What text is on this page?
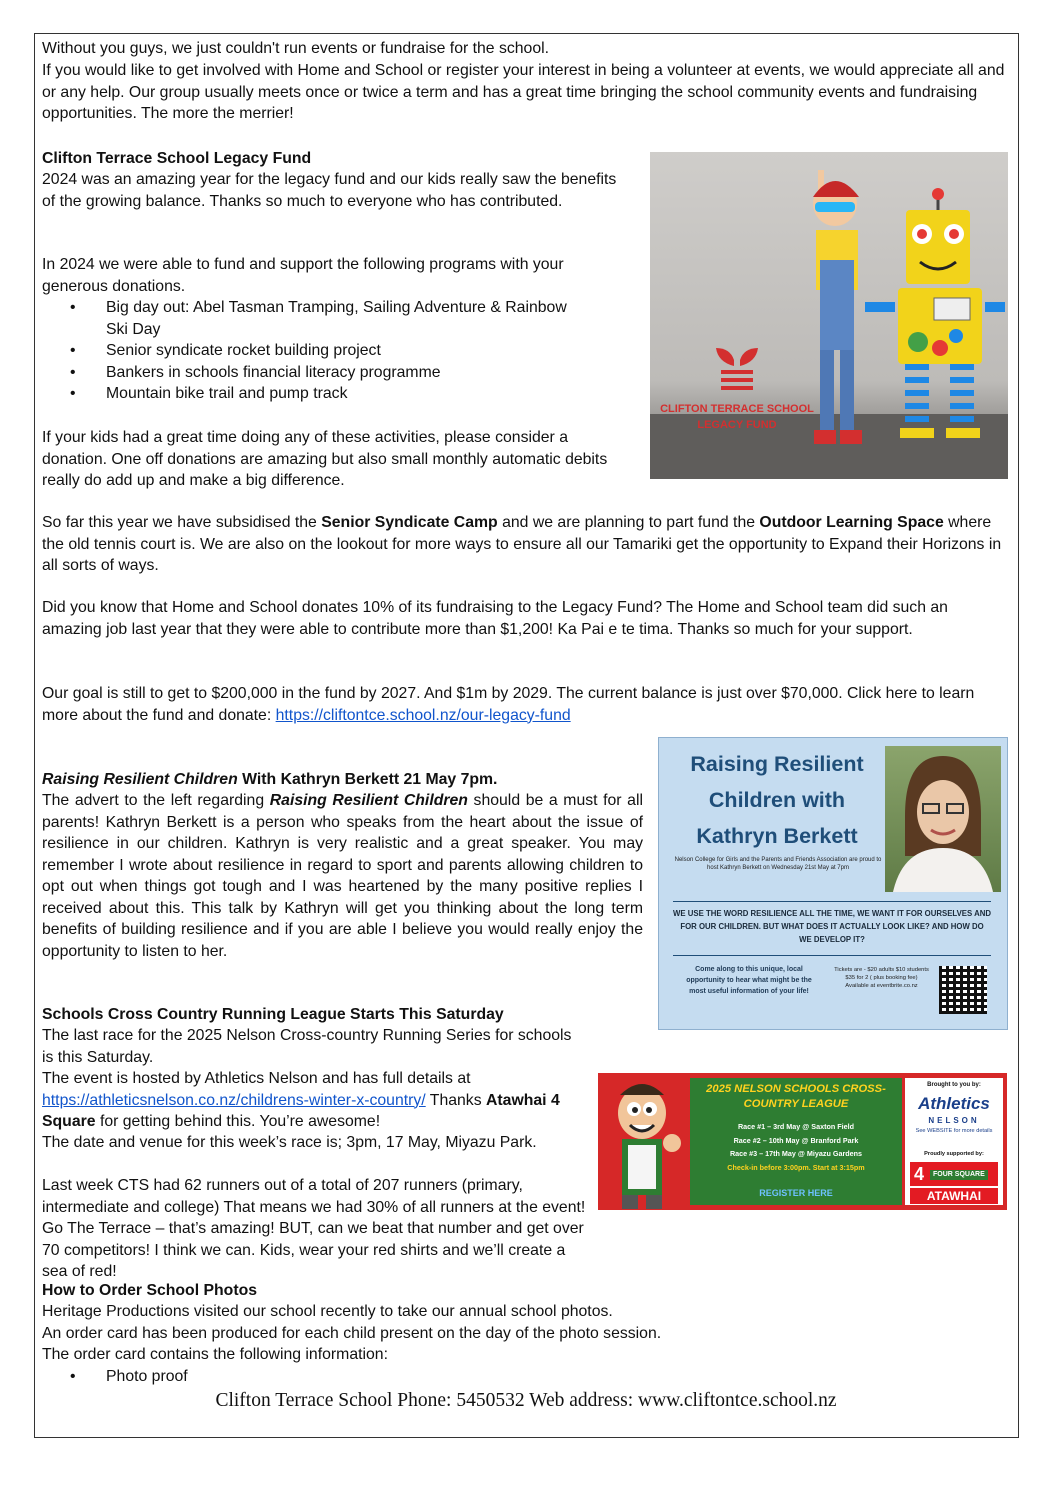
Without you guys, we just couldn't run events or fundraise for the school.

If you would like to get involved with Home and School or register your interest in being a volunteer at events, we would appreciate all and or any help. Our group usually meets once or twice a term and has a great time bringing the school community events and fundraising opportunities. The more the merrier!

Clifton Terrace School Legacy Fund

2024 was an amazing year for the legacy fund and our kids really saw the benefits of the growing balance. Thanks so much to everyone who has contributed.

In 2024 we were able to fund and support the following programs with your generous donations.

• Big day out: Abel Tasman Tramping, Sailing Adventure & Rainbow Ski Day
• Senior syndicate rocket building project
• Bankers in schools financial literacy programme
• Mountain bike trail and pump track

If your kids had a great time doing any of these activities, please consider a donation. One off donations are amazing but also small monthly automatic debits really do add up and make a big difference.

CLIFTON TERRACE SCHOOL
LEGACY FUND

So far this year we have subsidised the Senior Syndicate Camp and we are planning to part fund the Outdoor Learning Space where the old tennis court is. We are also on the lookout for more ways to ensure all our Tamariki get the opportunity to Expand their Horizons in all sorts of ways.

Did you know that Home and School donates 10% of its fundraising to the Legacy Fund? The Home and School team did such an amazing job last year that they were able to contribute more than $1,200! Ka Pai e te tima. Thanks so much for your support.

Our goal is still to get to $200,000 in the fund by 2027. And $1m by 2029. The current balance is just over $70,000. Click here to learn more about the fund and donate: https://cliftontce.school.nz/our-legacy-fund

Raising Resilient Children With Kathryn Berkett 21 May 7pm.

The advert to the left regarding Raising Resilient Children should be a must for all parents! Kathryn Berkett is a person who speaks from the heart about the issue of resilience in our children. Kathryn is very realistic and a great speaker. You may remember I wrote about resilience in regard to sport and parents allowing children to opt out when things got tough and I was heartened by the many positive replies I received about this. This talk by Kathryn will get you thinking about the long term benefits of building resilience and if you are able I believe you would really enjoy the opportunity to listen to her.

Raising Resilient Children with Kathryn Berkett
Nelson College for Girls and the Parents and Friends Association are proud to host Kathryn Berkett on Wednesday 21st May at 7pm
WE USE THE WORD RESILIENCE ALL THE TIME, WE WANT IT FOR OURSELVES AND FOR OUR CHILDREN. BUT WHAT DOES IT ACTUALLY LOOK LIKE? AND HOW DO WE DEVELOP IT?
Come along to this unique, local opportunity to hear what might be the most useful information of your life!
Tickets are - $20 adults $10 students $35 for 2 ( plus booking fee) Available at eventbrite.co.nz

Schools Cross Country Running League Starts This Saturday

The last race for the 2025 Nelson Cross-country Running Series for schools is this Saturday.

The event is hosted by Athletics Nelson and has full details at https://athleticsnelson.co.nz/childrens-winter-x-country/ Thanks Atawhai 4 Square for getting behind this. You’re awesome!

The date and venue for this week’s race is; 3pm, 17 May, Miyazu Park.

Last week CTS had 62 runners out of a total of 207 runners (primary, intermediate and college) That means we had 30% of all runners at the event! Go The Terrace – that’s amazing! BUT, can we beat that number and get over 70 competitors! I think we can. Kids, wear your red shirts and we’ll create a sea of red!

2025 NELSON SCHOOLS CROSS-COUNTRY LEAGUE
Race #1 – 3rd May @ Saxton Field
Race #2 – 10th May @ Branford Park
Race #3 – 17th May @ Miyazu Gardens
Check-in before 3:00pm. Start at 3:15pm
REGISTER HERE
Brought to you by:
Athletics
NELSON
See WEBSITE for more details
Proudly supported by:
4 FOUR SQUARE
ATAWHAI

How to Order School Photos

Heritage Productions visited our school recently to take our annual school photos.

An order card has been produced for each child present on the day of the photo session.

The order card contains the following information:

• Photo proof
Clifton Terrace School Phone: 5450532 Web address: www.cliftontce.school.nz
